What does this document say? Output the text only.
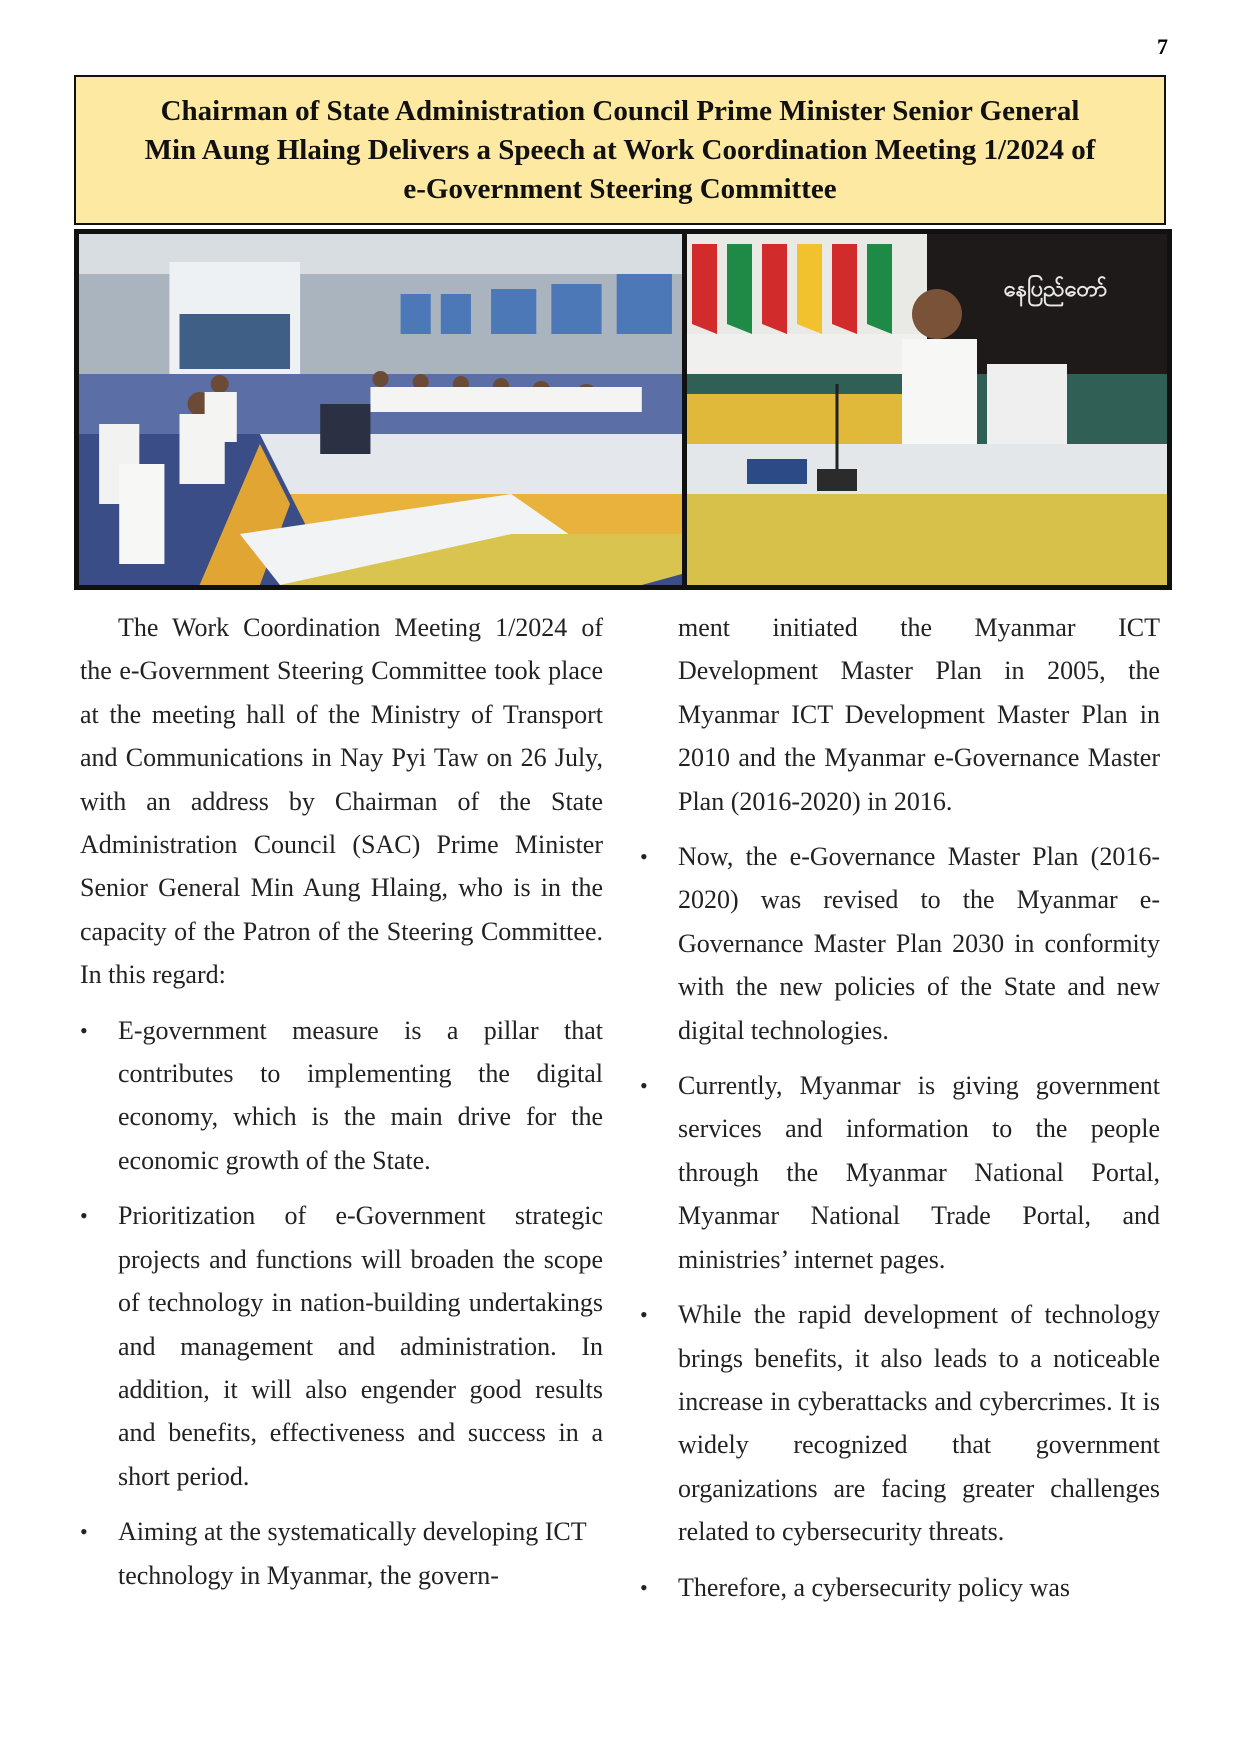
7
Chairman of State Administration Council Prime Minister Senior General
Min Aung Hlaing Delivers a Speech at Work Coordination Meeting 1/2024 of
e-Government Steering Committee
နေပြည်တော်

The Work Coordination Meeting 1/2024 of the e-Government Steering Committee took place at the meeting hall of the Ministry of Transport and Communications in Nay Pyi Taw on 26 July, with an address by Chairman of the State Administration Council (SAC) Prime Minister Senior General Min Aung Hlaing, who is in the capacity of the Patron of the Steering Committee. In this regard:

• E-government measure is a pillar that contributes to implementing the digital economy, which is the main drive for the economic growth of the State.
• Prioritization of e-Government strategic projects and functions will broaden the scope of technology in nation-building undertakings and management and administration. In addition, it will also engender good results and benefits, effectiveness and success in a short period.
• Aiming at the systematically developing ICT technology in Myanmar, the govern-

ment initiated the Myanmar ICT Development Master Plan in 2005, the Myanmar ICT Development Master Plan in 2010 and the Myanmar e-Governance Master Plan (2016-2020) in 2016.

• Now, the e-Governance Master Plan (2016-2020) was revised to the Myanmar e-Governance Master Plan 2030 in conformity with the new policies of the State and new digital technologies.
• Currently, Myanmar is giving government services and information to the people through the Myanmar National Portal, Myanmar National Trade Portal, and ministries’ internet pages.
• While the rapid development of technology brings benefits, it also leads to a noticeable increase in cyberattacks and cybercrimes. It is widely recognized that government organizations are facing greater challenges related to cybersecurity threats.
• Therefore, a cybersecurity policy was
